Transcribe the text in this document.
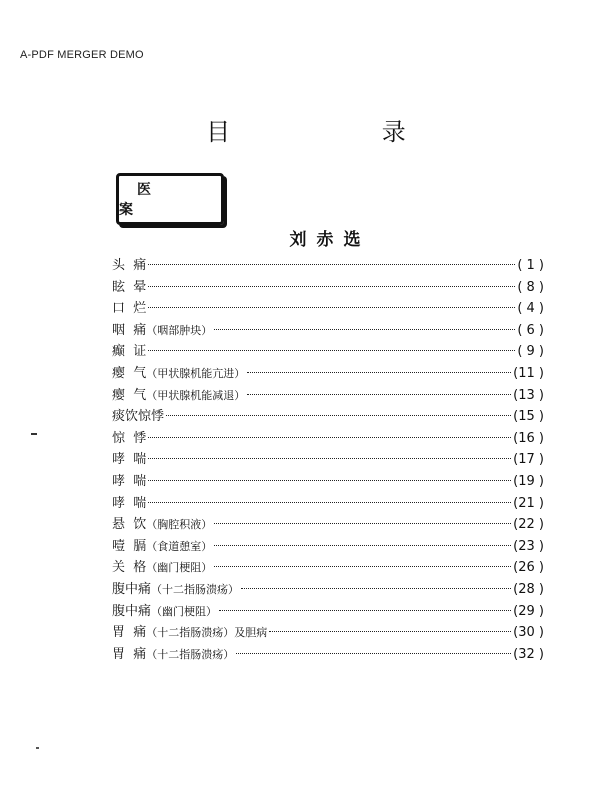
A-PDF MERGER DEMO
目 录
医 案
刘赤选
头  痛	( 1 )
眩  晕	( 8 )
口  烂	( 4 )
咽  痛 （咽部肿块）	( 6 )
癫  证	( 9 )
瘿  气 （甲状腺机能亢进）	(11 )
瘿  气 （甲状腺机能减退）	(13 )
痰饮惊悸	(15 )
惊  悸	(16 )
哮  喘	(17 )
哮  喘	(19 )
哮  喘	(21 )
悬  饮 （胸腔积液）	(22 )
噎  膈 （食道憩室）	(23 )
关  格 （幽门梗阻）	(26 )
腹中痛 （十二指肠溃疡）	(28 )
腹中痛 （幽门梗阻）	(29 )
胃  痛 （十二指肠溃疡）及胆病	(30 )
胃  痛 （十二指肠溃疡）	(32 )
